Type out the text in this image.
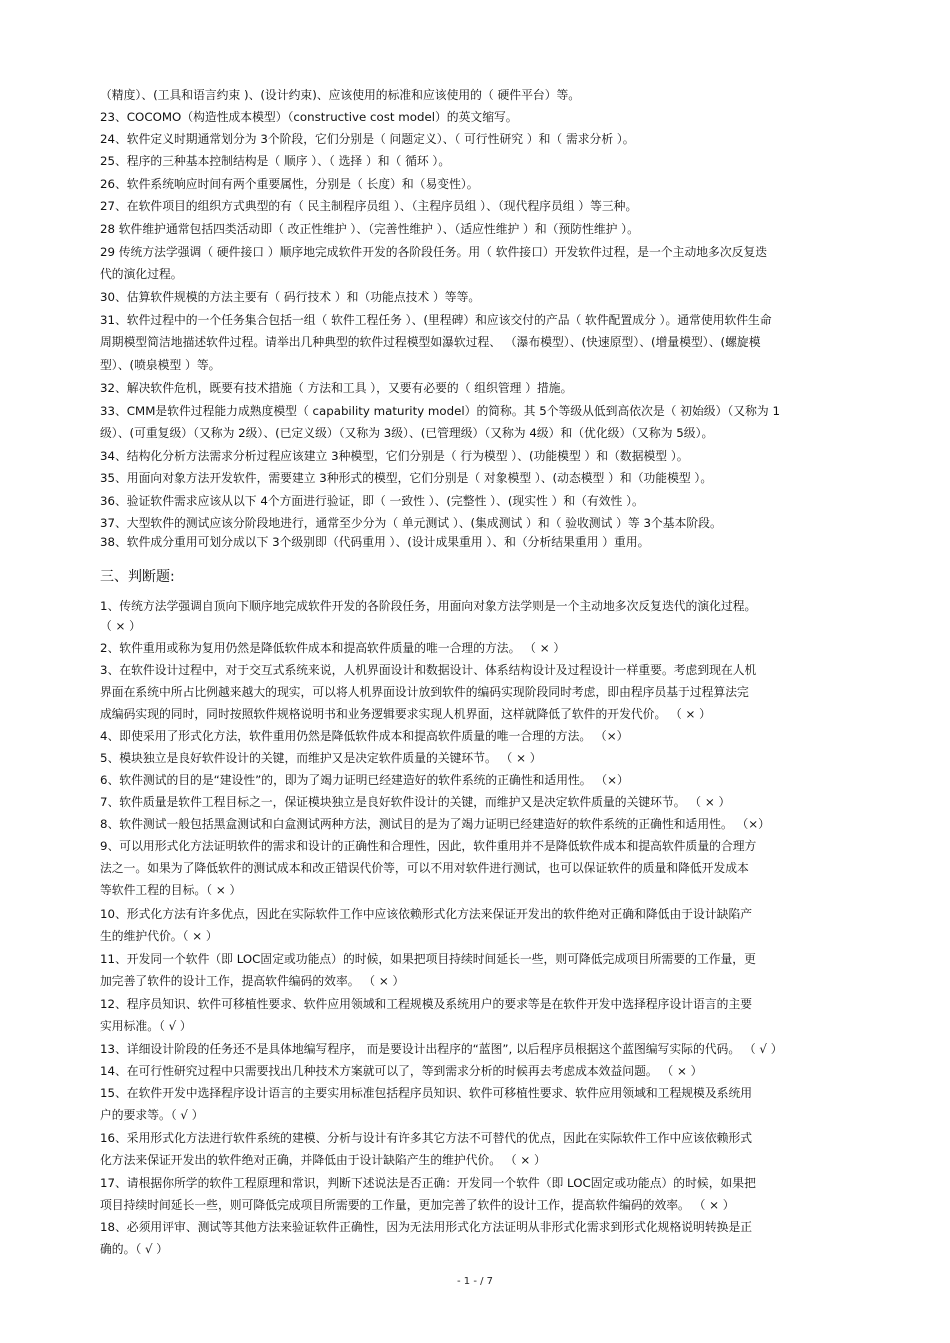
（精度）、(工具和语言约束 )、(设计约束)、应该使用的标准和应该使用的（ 硬件平台）等。
23、COCOMO（构造性成本模型）（constructive cost model）的英文缩写。
24、软件定义时期通常划分为 3个阶段，它们分别是（ 问题定义）、（ 可行性研究 ）和（ 需求分析 ）。
25、程序的三种基本控制结构是（ 顺序 ）、（ 选择 ）和（ 循环 ）。
26、软件系统响应时间有两个重要属性，分别是（ 长度）和（易变性）。
27、在软件项目的组织方式典型的有（ 民主制程序员组 ）、（主程序员组 ）、（现代程序员组 ）等三种。
28 软件维护通常包括四类活动即（ 改正性维护 ）、（完善性维护 ）、（适应性维护 ）和（预防性维护 ）。
29 传统方法学强调（ 硬件接口 ）顺序地完成软件开发的各阶段任务。用（ 软件接口）开发软件过程，是一个主动地多次反复迭
代的演化过程。
30、估算软件规模的方法主要有（ 码行技术 ）和（功能点技术 ）等等。
31、软件过程中的一个任务集合包括一组（ 软件工程任务 ）、(里程碑）和应该交付的产品（ 软件配置成分 ）。通常使用软件生命
周期模型简洁地描述软件过程。请举出几种典型的软件过程模型如瀑软过程、 （瀑布模型）、(快速原型）、(增量模型）、(螺旋模
型）、(喷泉模型 ）等。
32、解决软件危机，既要有技术措施（ 方法和工具 ），又要有必要的（ 组织管理 ）措施。
33、CMM是软件过程能力成熟度模型（ capability maturity model）的简称。其 5个等级从低到高依次是（ 初始级）（又称为 1
级）、(可重复级）（又称为 2级）、(已定义级）（又称为 3级）、(已管理级）（又称为 4级）和（优化级）（又称为 5级）。
34、结构化分析方法需求分析过程应该建立 3种模型，它们分别是（ 行为模型 ）、(功能模型 ）和（数据模型 ）。
35、用面向对象方法开发软件，需要建立 3种形式的模型，它们分别是（ 对象模型 ）、(动态模型 ）和（功能模型 ）。
36、验证软件需求应该从以下 4个方面进行验证，即（ 一致性 ）、(完整性 ）、(现实性 ）和（有效性 ）。
37、大型软件的测试应该分阶段地进行，通常至少分为（ 单元测试 ）、(集成测试 ）和（ 验收测试 ）等 3个基本阶段。
38、软件成分重用可划分成以下 3个级别即（代码重用 ）、(设计成果重用 ）、和（分析结果重用 ）重用。
三、判断题:
1、传统方法学强调自顶向下顺序地完成软件开发的各阶段任务，用面向对象方法学则是一个主动地多次反复迭代的演化过程。
（ × ）
2、软件重用或称为复用仍然是降低软件成本和提高软件质量的唯一合理的方法。 （ × ）
3、在软件设计过程中，对于交互式系统来说，人机界面设计和数据设计、体系结构设计及过程设计一样重要。考虑到现在人机
界面在系统中所占比例越来越大的现实，可以将人机界面设计放到软件的编码实现阶段同时考虑，即由程序员基于过程算法完
成编码实现的同时，同时按照软件规格说明书和业务逻辑要求实现人机界面，这样就降低了软件的开发代价。 （ × ）
4、即使采用了形式化方法，软件重用仍然是降低软件成本和提高软件质量的唯一合理的方法。 （×）
5、模块独立是良好软件设计的关键，而维护又是决定软件质量的关键环节。 （ × ）
6、软件测试的目的是“建设性”的，即为了竭力证明已经建造好的软件系统的正确性和适用性。 （×）
7、软件质量是软件工程目标之一，保证模块独立是良好软件设计的关键，而维护又是决定软件质量的关键环节。 （ × ）
8、软件测试一般包括黑盒测试和白盒测试两种方法，测试目的是为了竭力证明已经建造好的软件系统的正确性和适用性。 （×）
9、可以用形式化方法证明软件的需求和设计的正确性和合理性，因此，软件重用并不是降低软件成本和提高软件质量的合理方
法之一。如果为了降低软件的测试成本和改正错误代价等，可以不用对软件进行测试，也可以保证软件的质量和降低开发成本
等软件工程的目标。（ × ）
10、形式化方法有许多优点，因此在实际软件工作中应该依赖形式化方法来保证开发出的软件绝对正确和降低由于设计缺陷产
生的维护代价。（ × ）
11、开发同一个软件（即 LOC固定或功能点）的时候，如果把项目持续时间延长一些，则可降低完成项目所需要的工作量，更
加完善了软件的设计工作，提高软件编码的效率。 （ × ）
12、程序员知识、软件可移植性要求、软件应用领域和工程规模及系统用户的要求等是在软件开发中选择程序设计语言的主要
实用标准。（ √ ）
13、详细设计阶段的任务还不是具体地编写程序， 而是要设计出程序的“蓝图”, 以后程序员根据这个蓝图编写实际的代码。 （ √ ）
14、在可行性研究过程中只需要找出几种技术方案就可以了，等到需求分析的时候再去考虑成本效益问题。 （ × ）
15、在软件开发中选择程序设计语言的主要实用标准包括程序员知识、软件可移植性要求、软件应用领域和工程规模及系统用
户的要求等。（ √ ）
16、采用形式化方法进行软件系统的建模、分析与设计有许多其它方法不可替代的优点，因此在实际软件工作中应该依赖形式
化方法来保证开发出的软件绝对正确，并降低由于设计缺陷产生的维护代价。 （ × ）
17、请根据你所学的软件工程原理和常识，判断下述说法是否正确：开发同一个软件（即 LOC固定或功能点）的时候，如果把
项目持续时间延长一些，则可降低完成项目所需要的工作量，更加完善了软件的设计工作，提高软件编码的效率。 （ × ）
18、必须用评审、测试等其他方法来验证软件正确性，因为无法用形式化方法证明从非形式化需求到形式化规格说明转换是正
确的。（ √ ）
- 1 - / 7
